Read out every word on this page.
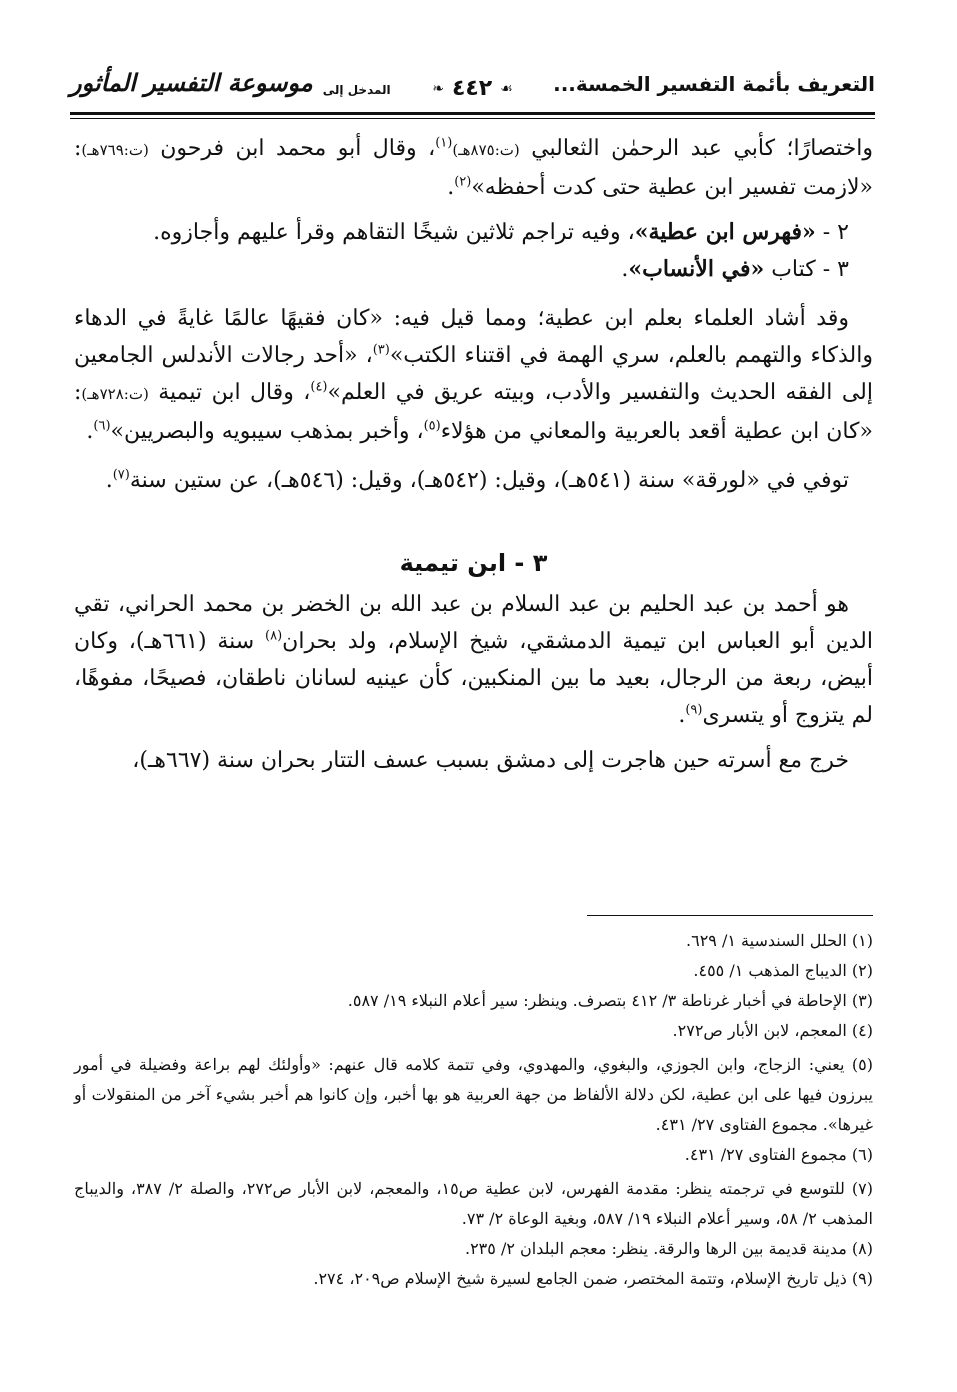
التعريف بأئمة التفسير الخمسة...
☙
٤٤٢
❧
المدخل إلى
موسوعة التفسير المأثور

واختصارًا؛ كأبي عبد الرحمٰن الثعالبي (ت:٨٧٥هـ)$^{(١)}$، وقال أبو محمد ابن فرحون (ت:٧٦٩هـ): «لازمت تفسير ابن عطية حتى كدت أحفظه»$^{(٢)}$.

٢ - «فهرس ابن عطية»، وفيه تراجم ثلاثين شيخًا التقاهم وقرأ عليهم وأجازوه.

٣ - كتاب «في الأنساب».

وقد أشاد العلماء بعلم ابن عطية؛ ومما قيل فيه: «كان فقيهًا عالمًا غايةً في الدهاء والذكاء والتهمم بالعلم، سري الهمة في اقتناء الكتب»$^{(٣)}$، «أحد رجالات الأندلس الجامعين إلى الفقه الحديث والتفسير والأدب، وبيته عريق في العلم»$^{(٤)}$، وقال ابن تيمية (ت:٧٢٨هـ): «كان ابن عطية أقعد بالعربية والمعاني من هؤلاء$^{(٥)}$، وأخبر بمذهب سيبويه والبصريين»$^{(٦)}$.

توفي في «لورقة» سنة (٥٤١هـ)، وقيل: (٥٤٢هـ)، وقيل: (٥٤٦هـ)، عن ستين سنة$^{(٧)}$.

٣ - ابن تيمية

هو أحمد بن عبد الحليم بن عبد السلام بن عبد الله بن الخضر بن محمد الحراني، تقي الدين أبو العباس ابن تيمية الدمشقي، شيخ الإسلام، ولد بحران$^{(٨)}$ سنة (٦٦١هـ)، وكان أبيض، ربعة من الرجال، بعيد ما بين المنكبين، كأن عينيه لسانان ناطقان، فصيحًا، مفوهًا، لم يتزوج أو يتسرى$^{(٩)}$.

خرج مع أسرته حين هاجرت إلى دمشق بسبب عسف التتار بحران سنة (٦٦٧هـ)،

(١) الحلل السندسية ١/ ٦٢٩.

(٢) الديباج المذهب ١/ ٤٥٥.

(٣) الإحاطة في أخبار غرناطة ٣/ ٤١٢ بتصرف. وينظر: سير أعلام النبلاء ١٩/ ٥٨٧.

(٤) المعجم، لابن الأبار ص٢٧٢.

(٥) يعني: الزجاج، وابن الجوزي، والبغوي، والمهدوي، وفي تتمة كلامه قال عنهم: «وأولئك لهم براعة وفضيلة في أمور يبرزون فيها على ابن عطية، لكن دلالة الألفاظ من جهة العربية هو بها أخبر، وإن كانوا هم أخبر بشيء آخر من المنقولات أو غيرها». مجموع الفتاوى ٢٧/ ٤٣١.

(٦) مجموع الفتاوى ٢٧/ ٤٣١.

(٧) للتوسع في ترجمته ينظر: مقدمة الفهرس، لابن عطية ص١٥، والمعجم، لابن الأبار ص٢٧٢، والصلة ٢/ ٣٨٧، والديباج المذهب ٢/ ٥٨، وسير أعلام النبلاء ١٩/ ٥٨٧، وبغية الوعاة ٢/ ٧٣.

(٨) مدينة قديمة بين الرها والرقة. ينظر: معجم البلدان ٢/ ٢٣٥.

(٩) ذيل تاريخ الإسلام، وتتمة المختصر، ضمن الجامع لسيرة شيخ الإسلام ص٢٠٩، ٢٧٤.
